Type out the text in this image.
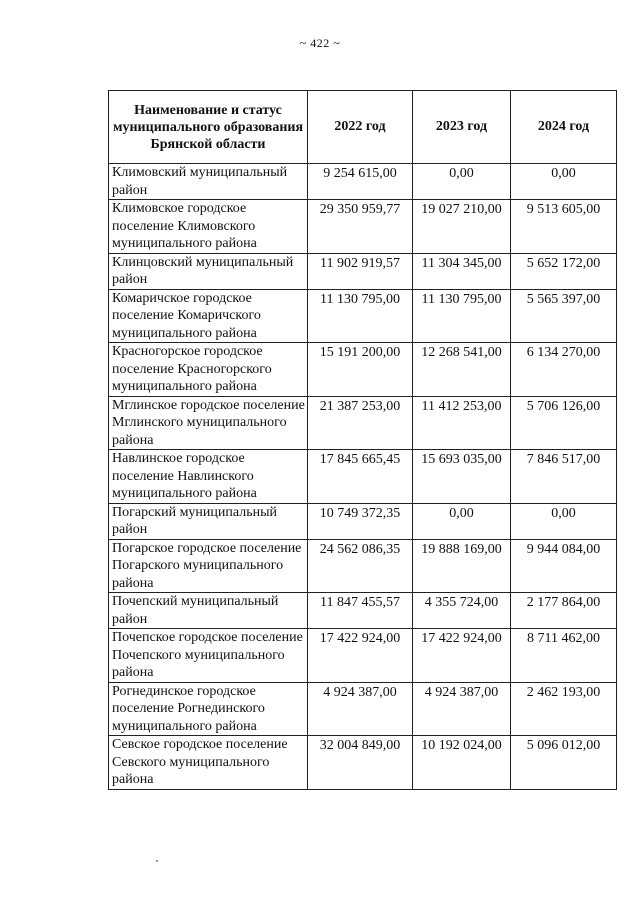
~ 422 ~
Наименование и статус муниципального образования Брянской области	2022 год	2023 год	2024 год
Климовский муниципальный район	9 254 615,00	0,00	0,00
Климовское городское поселение Климовского муниципального района	29 350 959,77	19 027 210,00	9 513 605,00
Клинцовский муниципальный район	11 902 919,57	11 304 345,00	5 652 172,00
Комаричское городское поселение Комаричского муниципального района	11 130 795,00	11 130 795,00	5 565 397,00
Красногорское городское поселение Красногорского муниципального района	15 191 200,00	12 268 541,00	6 134 270,00
Мглинское городское поселение Мглинского муниципального района	21 387 253,00	11 412 253,00	5 706 126,00
Навлинское городское поселение Навлинского муниципального района	17 845 665,45	15 693 035,00	7 846 517,00
Погарский муниципальный район	10 749 372,35	0,00	0,00
Погарское городское поселение Погарского муниципального района	24 562 086,35	19 888 169,00	9 944 084,00
Почепский муниципальный район	11 847 455,57	4 355 724,00	2 177 864,00
Почепское городское поселение Почепского муниципального района	17 422 924,00	17 422 924,00	8 711 462,00
Рогнединское городское поселение Рогнединского муниципального района	4 924 387,00	4 924 387,00	2 462 193,00
Севское городское поселение Севского муниципального района	32 004 849,00	10 192 024,00	5 096 012,00
